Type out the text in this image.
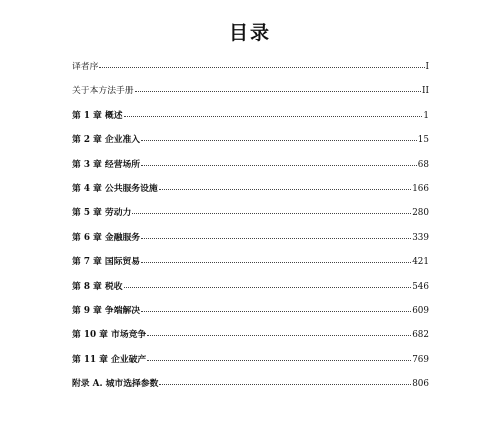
目录
译者序	I
关于本方法手册	II
第 1 章 概述	1
第 2 章 企业准入	15
第 3 章 经营场所	68
第 4 章 公共服务设施	166
第 5 章 劳动力	280
第 6 章 金融服务	339
第 7 章 国际贸易	421
第 8 章 税收	546
第 9 章 争端解决	609
第 10 章 市场竞争	682
第 11 章 企业破产	769
附录 A. 城市选择参数	806
